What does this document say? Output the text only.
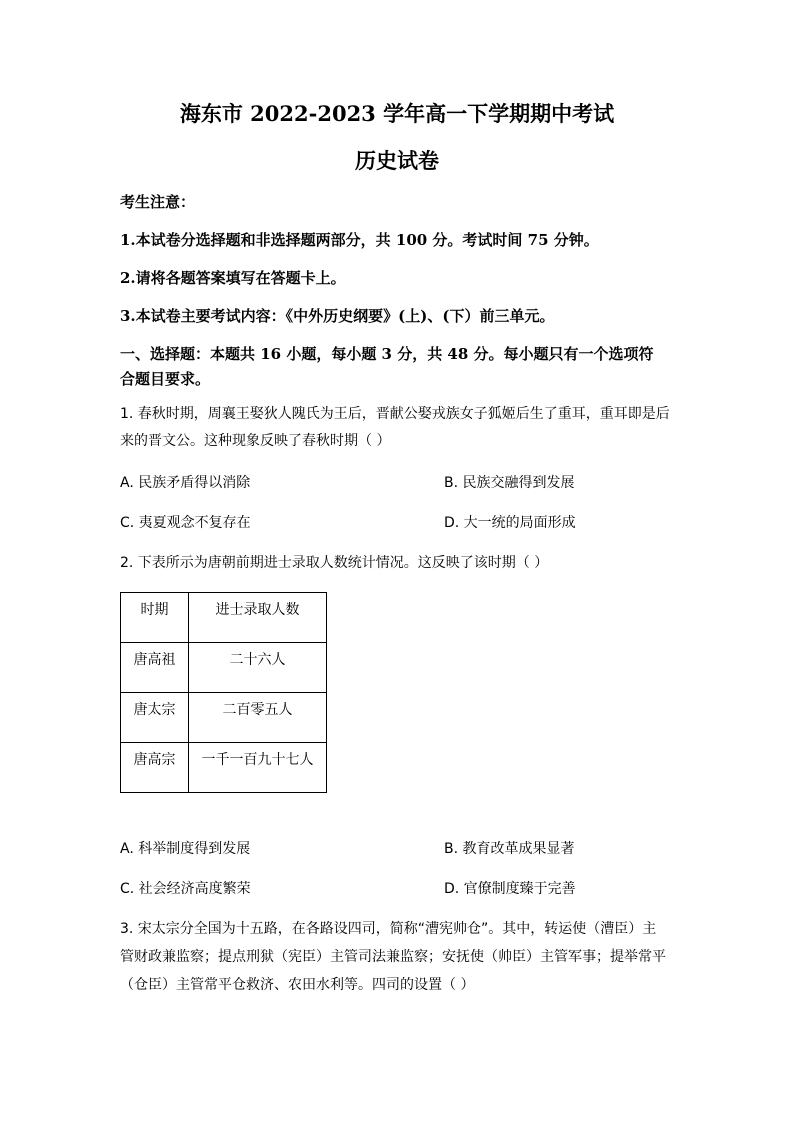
海东市 2022-2023 学年高一下学期期中考试
历史试卷
考生注意：
1.本试卷分选择题和非选择题两部分，共 100 分。考试时间 75 分钟。
2.请将各题答案填写在答题卡上。
3.本试卷主要考试内容：《中外历史纲要》(上)、(下）前三单元。
一、选择题：本题共 16 小题，每小题 3 分，共 48 分。每小题只有一个选项符
合题目要求。
1. 春秋时期，周襄王娶狄人隗氏为王后，晋献公娶戎族女子狐姬后生了重耳，重耳即是后
来的晋文公。这种现象反映了春秋时期（ ）
A. 民族矛盾得以消除	B. 民族交融得到发展
C. 夷夏观念不复存在	D. 大一统的局面形成
2. 下表所示为唐朝前期进士录取人数统计情况。这反映了该时期（ ）
时期	进士录取人数
唐高祖	二十六人
唐太宗	二百零五人
唐高宗	一千一百九十七人
A. 科举制度得到发展	B. 教育改革成果显著
C. 社会经济高度繁荣	D. 官僚制度臻于完善
3. 宋太宗分全国为十五路，在各路设四司，简称“漕宪帅仓”。其中，转运使（漕臣）主
管财政兼监察；提点刑狱（宪臣）主管司法兼监察；安抚使（帅臣）主管军事；提举常平
（仓臣）主管常平仓救济、农田水利等。四司的设置（ ）
